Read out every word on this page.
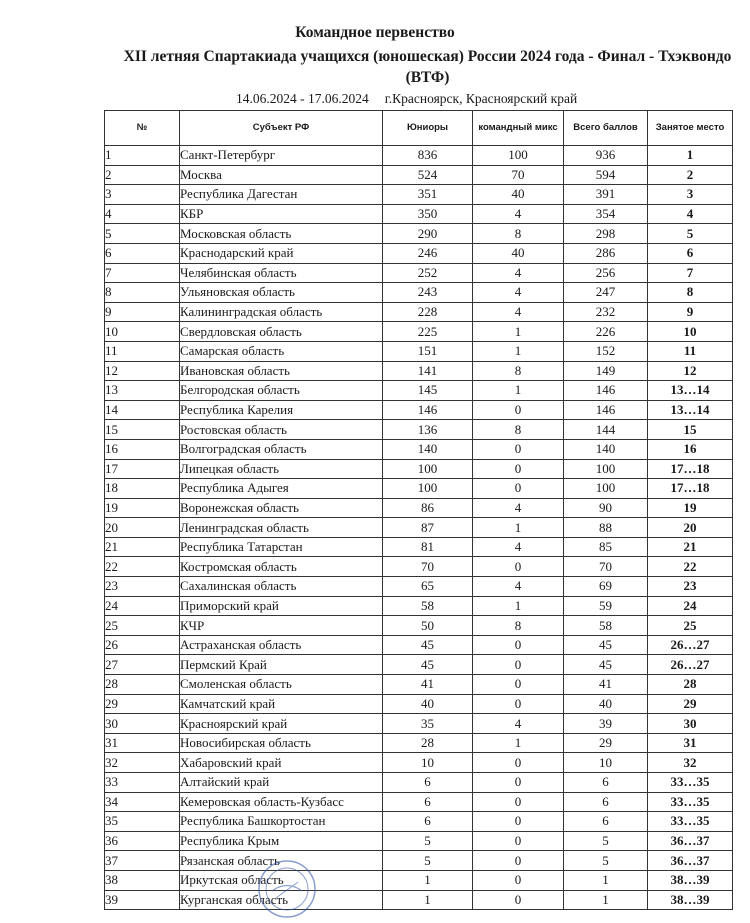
Командное первенство
XII летняя Спартакиада учащихся (юношеская) России 2024 года - Финал - Тхэквондо (ВТФ)
14.06.2024 - 17.06.2024 г.Красноярск, Красноярский край
№	Субъект РФ	Юниоры	командный микс	Всего баллов	Занятое место
1	Санкт-Петербург	836	100	936	1
2	Москва	524	70	594	2
3	Республика Дагестан	351	40	391	3
4	КБР	350	4	354	4
5	Московская область	290	8	298	5
6	Краснодарский край	246	40	286	6
7	Челябинская область	252	4	256	7
8	Ульяновская область	243	4	247	8
9	Калининградская область	228	4	232	9
10	Свердловская область	225	1	226	10
11	Самарская область	151	1	152	11
12	Ивановская область	141	8	149	12
13	Белгородская область	145	1	146	13…14
14	Республика Карелия	146	0	146	13…14
15	Ростовская область	136	8	144	15
16	Волгоградская область	140	0	140	16
17	Липецкая область	100	0	100	17…18
18	Республика Адыгея	100	0	100	17…18
19	Воронежская область	86	4	90	19
20	Ленинградская область	87	1	88	20
21	Республика Татарстан	81	4	85	21
22	Костромская область	70	0	70	22
23	Сахалинская область	65	4	69	23
24	Приморский край	58	1	59	24
25	КЧР	50	8	58	25
26	Астраханская область	45	0	45	26…27
27	Пермский Край	45	0	45	26…27
28	Смоленская область	41	0	41	28
29	Камчатский край	40	0	40	29
30	Красноярский край	35	4	39	30
31	Новосибирская область	28	1	29	31
32	Хабаровский край	10	0	10	32
33	Алтайский край	6	0	6	33…35
34	Кемеровская область-Кузбасс	6	0	6	33…35
35	Республика Башкортостан	6	0	6	33…35
36	Республика Крым	5	0	5	36…37
37	Рязанская область	5	0	5	36…37
38	Иркутская область	1	0	1	38…39
39	Курганская область	1	0	1	38…39
